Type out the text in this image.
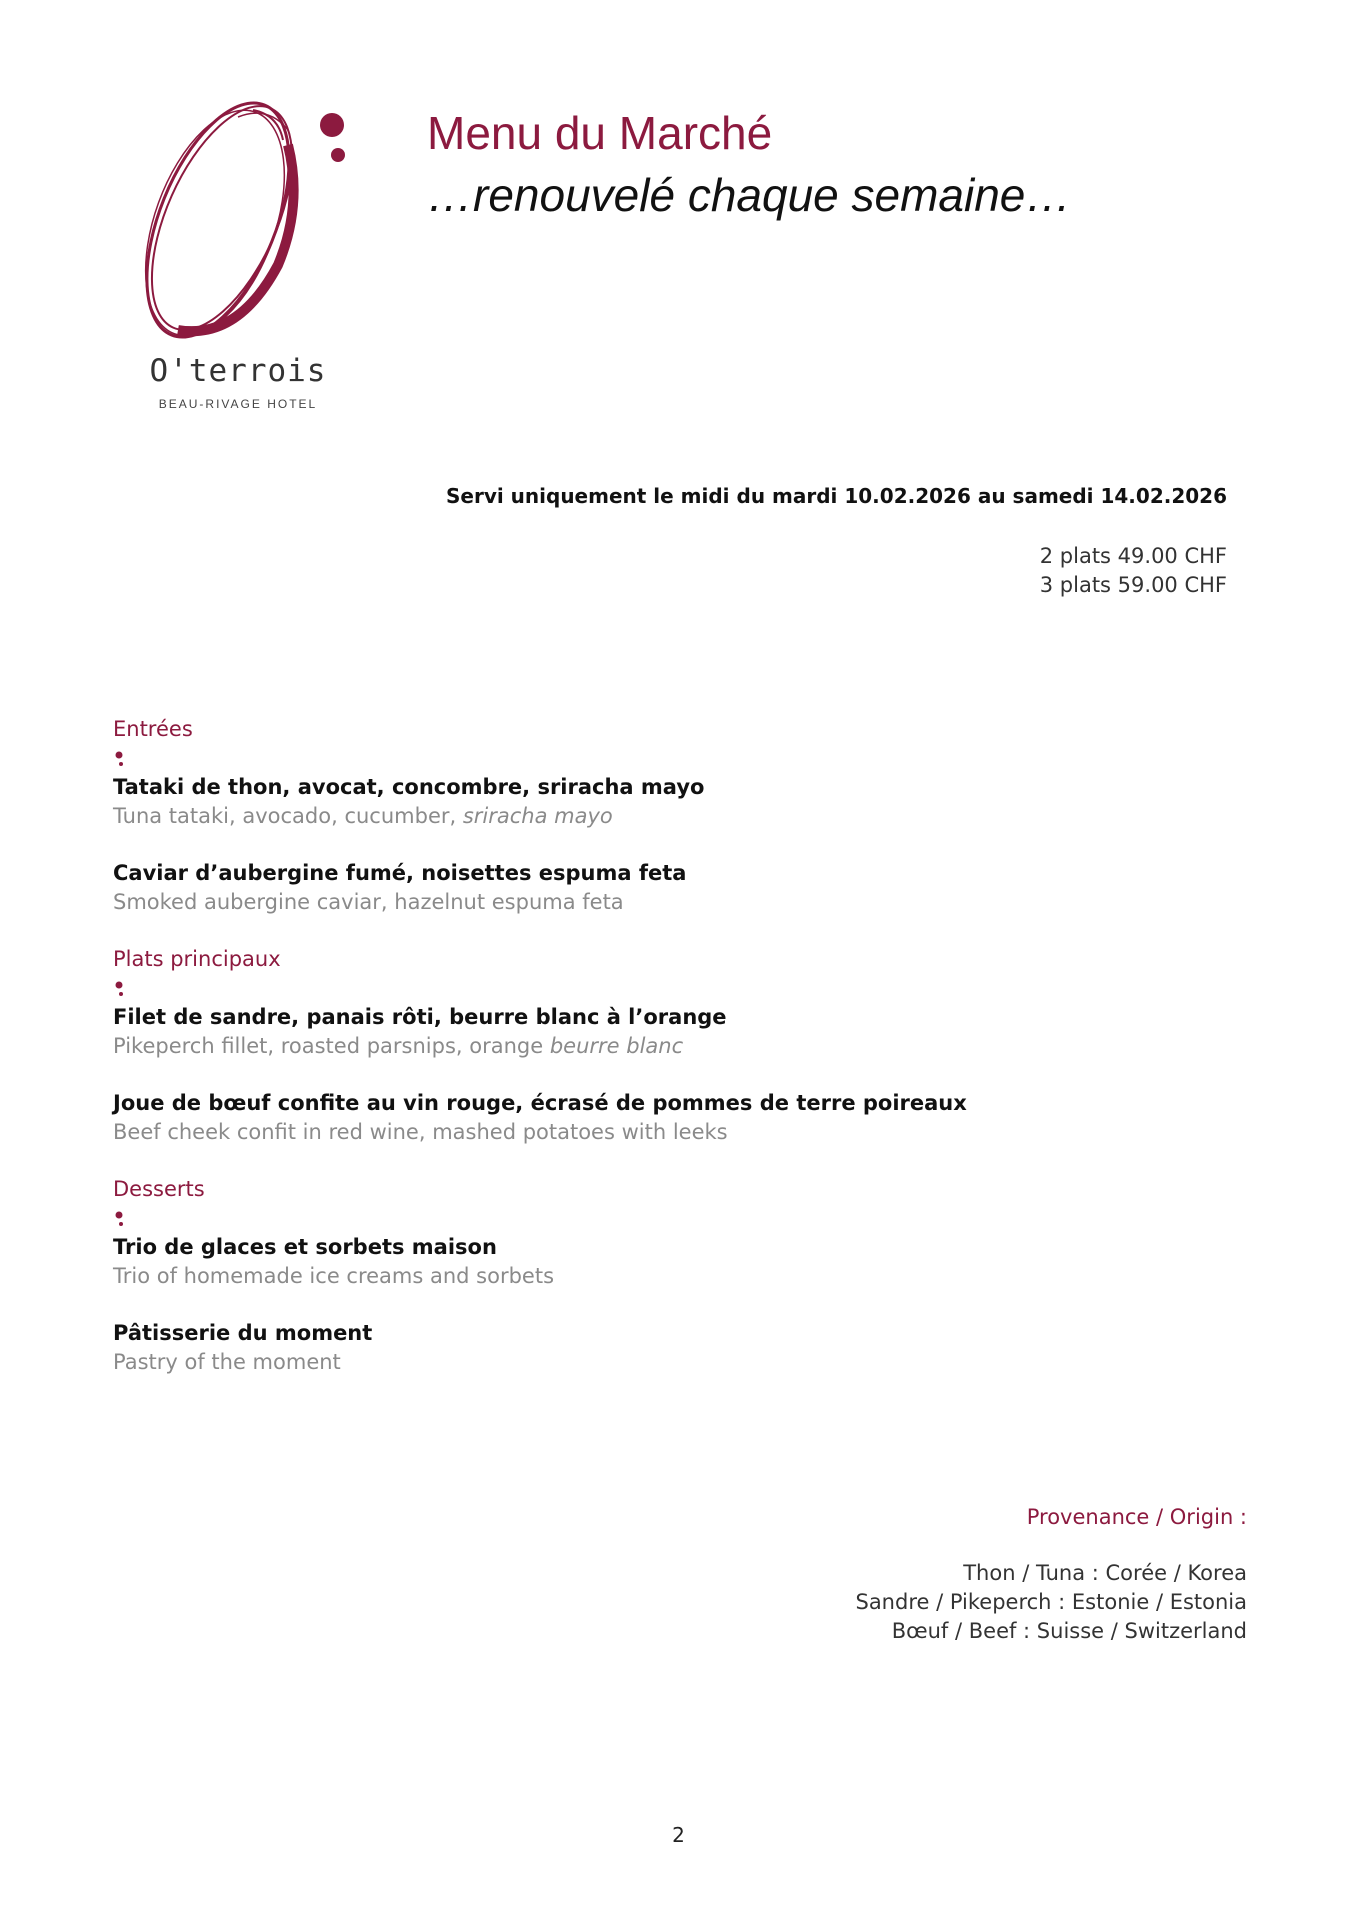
O'terrois
BEAU-RIVAGE HOTEL
Menu du Marché
…renouvelé chaque semaine…
Servi uniquement le midi du mardi 10.02.2026 au samedi 14.02.2026
2 plats 49.00 CHF
3 plats 59.00 CHF
Entrées
Tataki de thon, avocat, concombre, sriracha mayo
Tuna tataki, avocado, cucumber, sriracha mayo
Caviar d’aubergine fumé, noisettes espuma feta
Smoked aubergine caviar, hazelnut espuma feta
Plats principaux
Filet de sandre, panais rôti, beurre blanc à l’orange
Pikeperch fillet, roasted parsnips, orange beurre blanc
Joue de bœuf confite au vin rouge, écrasé de pommes de terre poireaux
Beef cheek confit in red wine, mashed potatoes with leeks
Desserts
Trio de glaces et sorbets maison
Trio of homemade ice creams and sorbets
Pâtisserie du moment
Pastry of the moment
Provenance / Origin :
Thon / Tuna : Corée / Korea
Sandre / Pikeperch : Estonie / Estonia
Bœuf / Beef : Suisse / Switzerland
2
